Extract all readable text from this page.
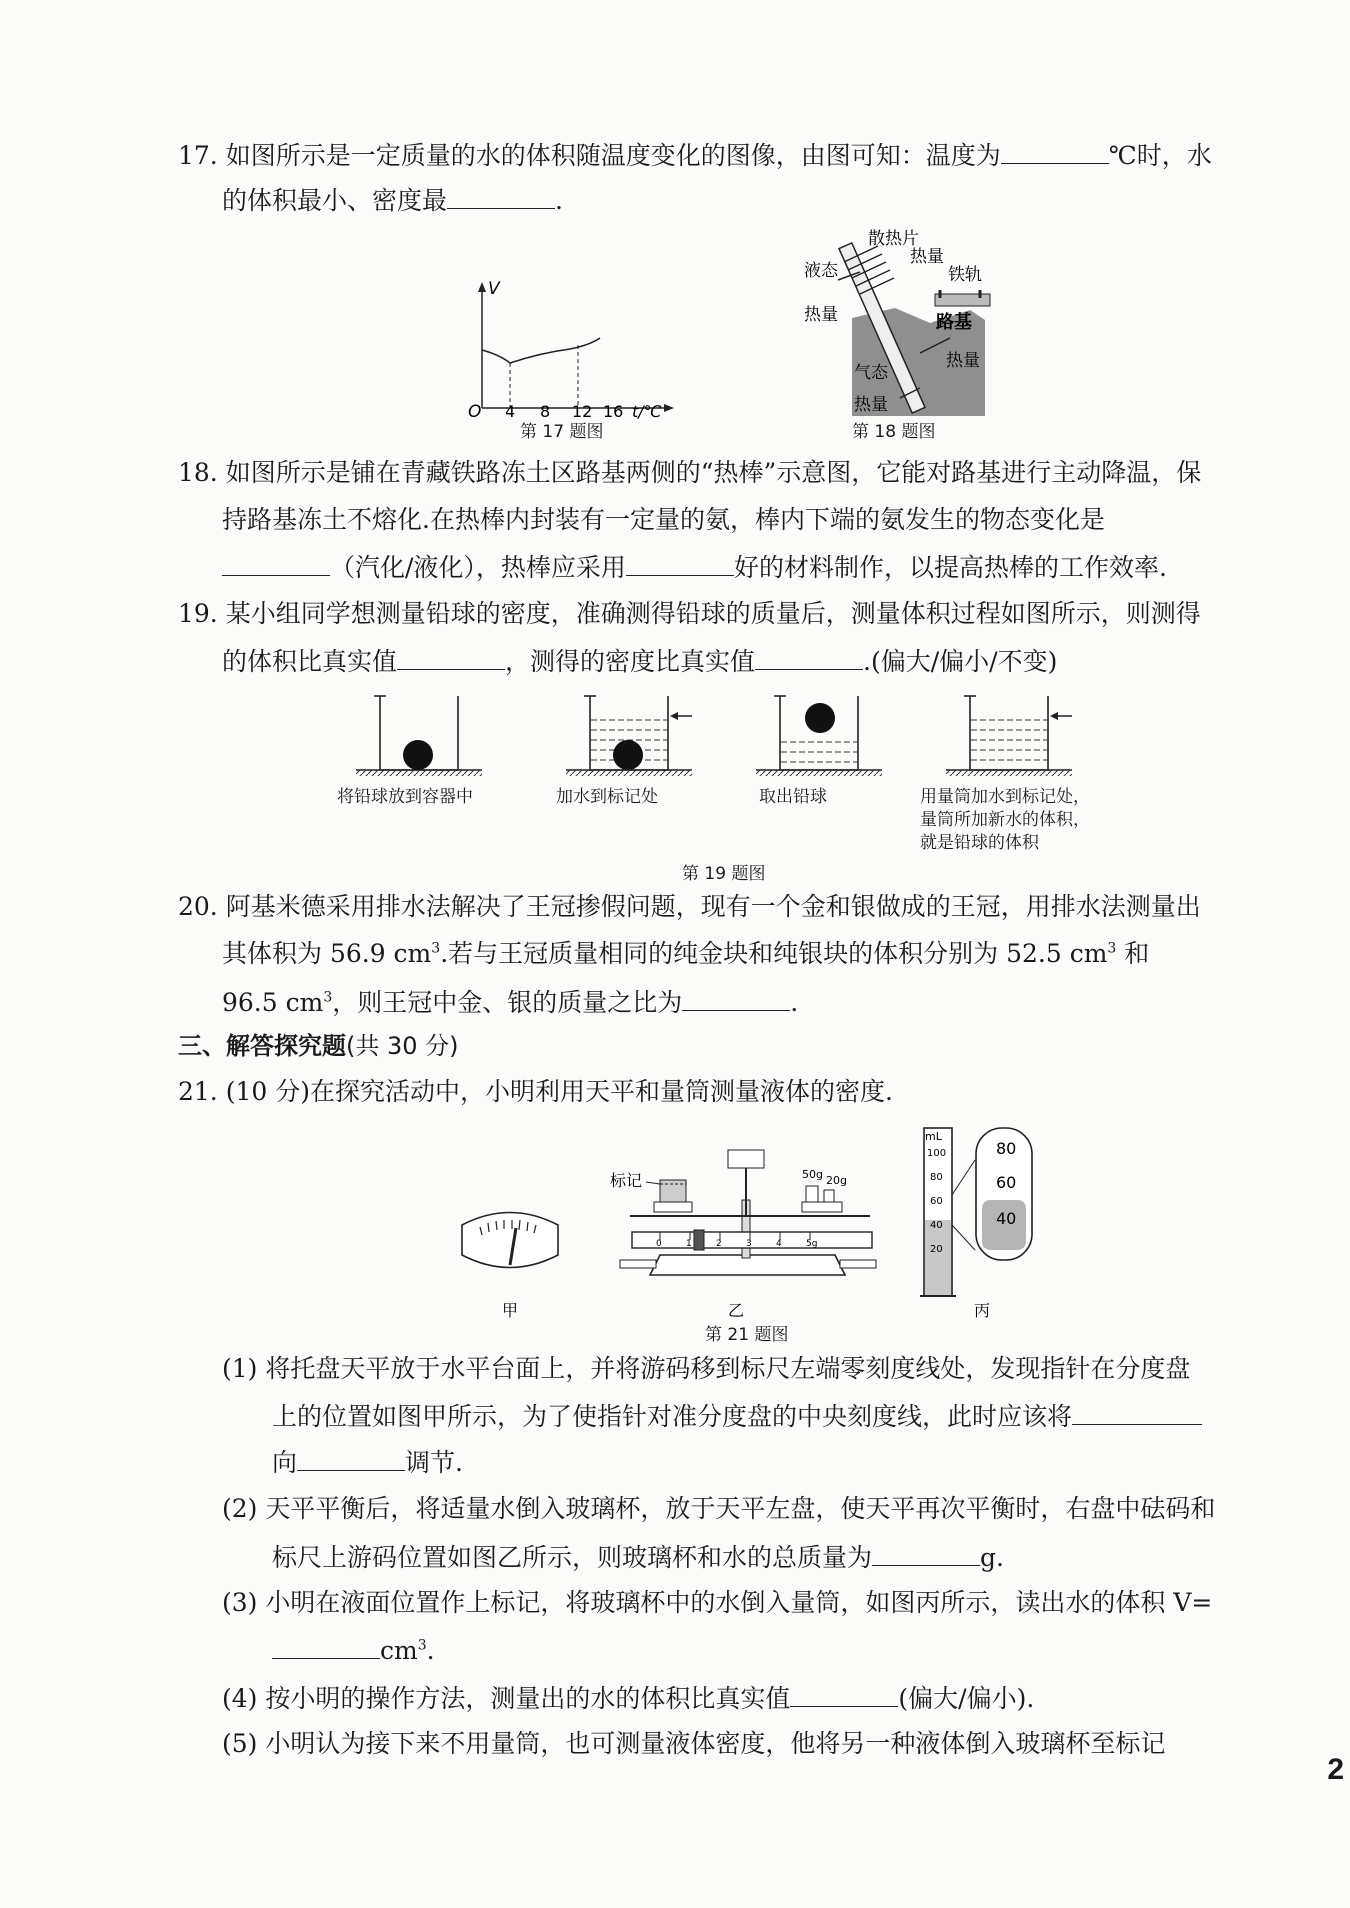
17. 如图所示是一定质量的水的体积随温度变化的图像，由图可知：温度为	℃时，水
的体积最小、密度最	.
V
O 4 8 12 16 t/℃
第 17 题图
散热片
热量
铁轨
液态
热量	路基
热量
气态
热量
第 18 题图
18. 如图所示是铺在青藏铁路冻土区路基两侧的“热棒”示意图，它能对路基进行主动降温，保
持路基冻土不熔化.在热棒内封装有一定量的氨，棒内下端的氨发生的物态变化是
（汽化/液化），热棒应采用	好的材料制作，以提高热棒的工作效率.
19. 某小组同学想测量铅球的密度，准确测得铅球的质量后，测量体积过程如图所示，则测得
的体积比真实值	，测得的密度比真实值	.(偏大/偏小/不变)
将铅球放到容器中	加水到标记处	取出铅球	用量筒加水到标记处，
量筒所加新水的体积，
就是铅球的体积
第 19 题图
20. 阿基米德采用排水法解决了王冠掺假问题，现有一个金和银做成的王冠，用排水法测量出
其体积为 56.9 $cm^3$.若与王冠质量相同的纯金块和纯银块的体积分别为 52.5 $cm^3$ 和
96.5 $cm^3$，则王冠中金、银的质量之比为	.
三、解答探究题(共 30 分)
21. (10 分)在探究活动中，小明利用天平和量筒测量液体的密度.
标记	50g 20g
0	1	2	3	4	5g
mL
100
80
60
40
20
80
60
40
甲	乙	丙
第 21 题图
(1) 将托盘天平放于水平台面上，并将游码移到标尺左端零刻度线处，发现指针在分度盘
上的位置如图甲所示，为了使指针对准分度盘的中央刻度线，此时应该将
向	调节.
(2) 天平平衡后，将适量水倒入玻璃杯，放于天平左盘，使天平再次平衡时，右盘中砝码和
标尺上游码位置如图乙所示，则玻璃杯和水的总质量为	g.
(3) 小明在液面位置作上标记，将玻璃杯中的水倒入量筒，如图丙所示，读出水的体积 V=
$cm^3$.
(4) 按小明的操作方法，测量出的水的体积比真实值	(偏大/偏小).
(5) 小明认为接下来不用量筒，也可测量液体密度，他将另一种液体倒入玻璃杯至标记
2
